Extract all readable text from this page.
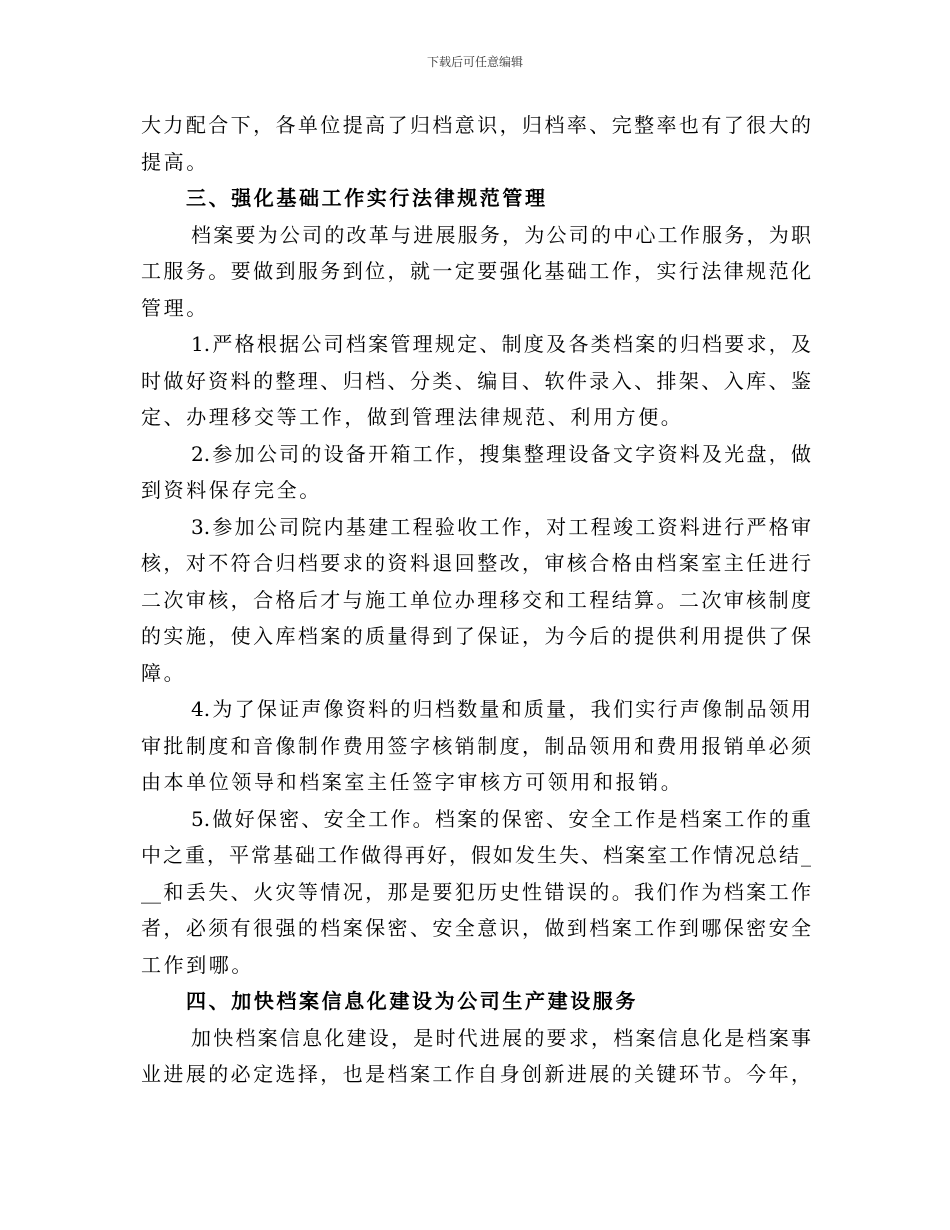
下载后可任意编辑
大力配合下，各单位提高了归档意识，归档率、完整率也有了很大的
提高。
三、强化基础工作实行法律规范管理
档案要为公司的改革与进展服务，为公司的中心工作服务，为职
工服务。要做到服务到位，就一定要强化基础工作，实行法律规范化
管理。
1.严格根据公司档案管理规定、制度及各类档案的归档要求，及
时做好资料的整理、归档、分类、编目、软件录入、排架、入库、鉴
定、办理移交等工作，做到管理法律规范、利用方便。
2.参加公司的设备开箱工作，搜集整理设备文字资料及光盘，做
到资料保存完全。
3.参加公司院内基建工程验收工作，对工程竣工资料进行严格审
核，对不符合归档要求的资料退回整改，审核合格由档案室主任进行
二次审核，合格后才与施工单位办理移交和工程结算。二次审核制度
的实施，使入库档案的质量得到了保证，为今后的提供利用提供了保
障。
4.为了保证声像资料的归档数量和质量，我们实行声像制品领用
审批制度和音像制作费用签字核销制度，制品领用和费用报销单必须
由本单位领导和档案室主任签字审核方可领用和报销。
5.做好保密、安全工作。档案的保密、安全工作是档案工作的重
中之重，平常基础工作做得再好，假如发生失、档案室工作情况总结_
__和丢失、火灾等情况，那是要犯历史性错误的。我们作为档案工作
者，必须有很强的档案保密、安全意识，做到档案工作到哪保密安全
工作到哪。
四、加快档案信息化建设为公司生产建设服务
加快档案信息化建设，是时代进展的要求，档案信息化是档案事
业进展的必定选择，也是档案工作自身创新进展的关键环节。今年，
